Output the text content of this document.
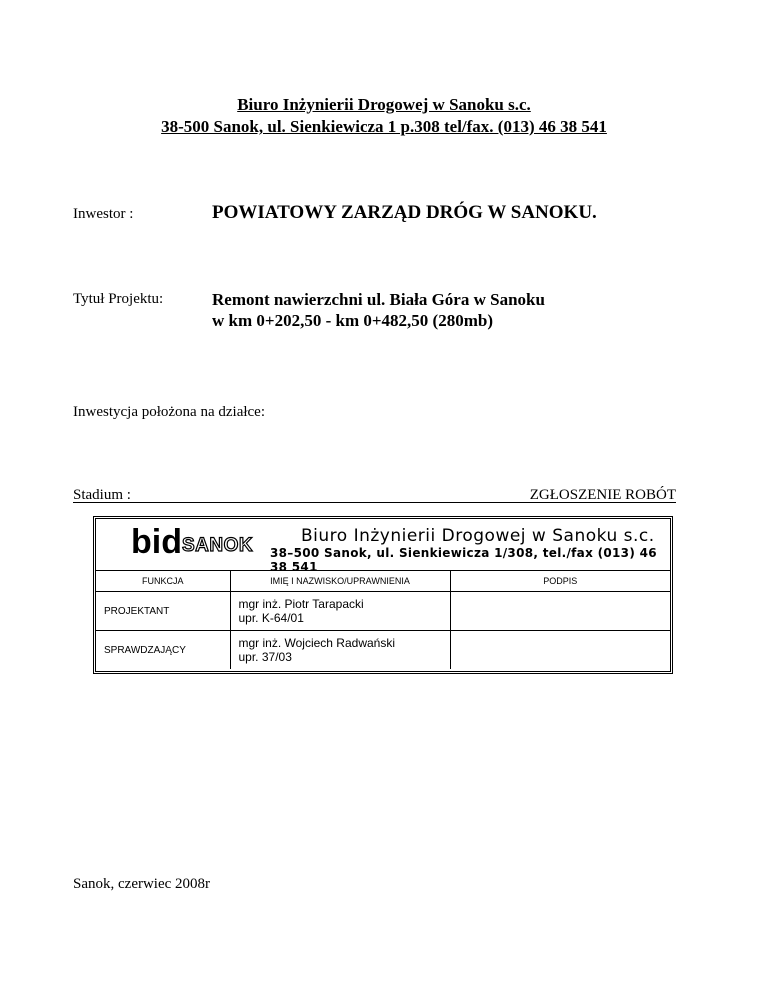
Biuro Inżynierii Drogowej w Sanoku s.c.
38-500 Sanok, ul. Sienkiewicza 1 p.308 tel/fax. (013) 46 38 541
Inwestor :	POWIATOWY ZARZĄD DRÓG W SANOKU.
Tytuł Projektu:	Remont nawierzchni ul. Biała Góra w Sanoku
w km 0+202,50 - km 0+482,50 (280mb)
Inwestycja położona na działce:
Stadium :	ZGŁOSZENIE ROBÓT
bid SANOK	Biuro Inżynierii Drogowej w Sanoku s.c.
38–500 Sanok, ul. Sienkiewicza 1/308, tel./fax (013) 46 38 541
FUNKCJA	IMIĘ I NAZWISKO/UPRAWNIENIA	PODPIS
PROJEKTANT	mgr inż. Piotr Tarapacki
upr. K-64/01	

SPRAWDZAJĄCY	mgr inż. Wojciech Radwański
upr. 37/03	

Sanok, czerwiec 2008r
